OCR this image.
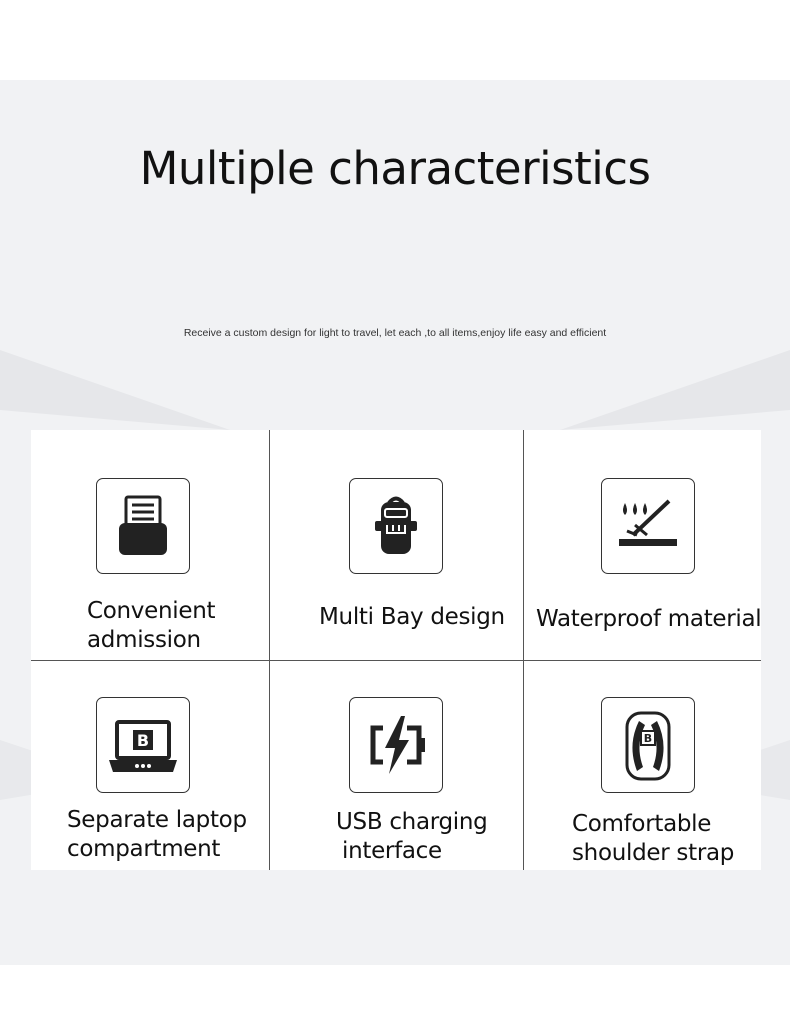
Multiple characteristics
Receive a custom design for light to travel, let each ,to all items,enjoy life easy and efficient
Convenient
admission
Multi Bay design Waterproof material
B
Separate laptop
compartment
USB charging
interface
B
Comfortable
shoulder strap
